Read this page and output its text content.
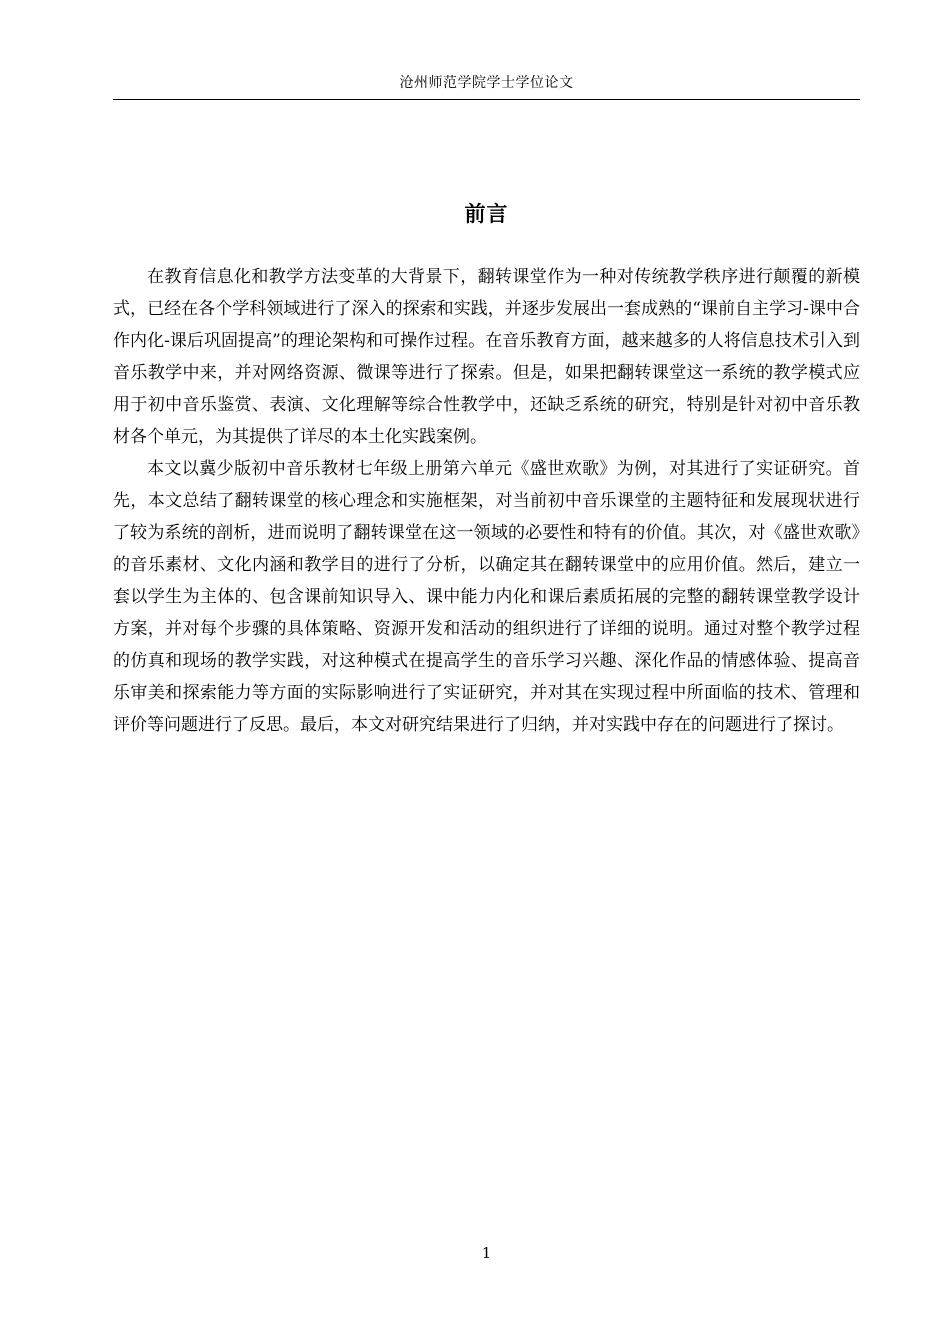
沧州师范学院学士学位论文
前言

在教育信息化和教学方法变革的大背景下，翻转课堂作为一种对传统教学秩序进行颠覆的新模式，已经在各个学科领域进行了深入的探索和实践，并逐步发展出一套成熟的“课前自主学习-课中合作内化-课后巩固提高”的理论架构和可操作过程。在音乐教育方面，越来越多的人将信息技术引入到音乐教学中来，并对网络资源、微课等进行了探索。但是，如果把翻转课堂这一系统的教学模式应用于初中音乐鉴赏、表演、文化理解等综合性教学中，还缺乏系统的研究，特别是针对初中音乐教材各个单元，为其提供了详尽的本土化实践案例。

本文以冀少版初中音乐教材七年级上册第六单元《盛世欢歌》为例，对其进行了实证研究。首先，本文总结了翻转课堂的核心理念和实施框架，对当前初中音乐课堂的主题特征和发展现状进行了较为系统的剖析，进而说明了翻转课堂在这一领域的必要性和特有的价值。其次，对《盛世欢歌》的音乐素材、文化内涵和教学目的进行了分析，以确定其在翻转课堂中的应用价值。然后，建立一套以学生为主体的、包含课前知识导入、课中能力内化和课后素质拓展的完整的翻转课堂教学设计方案，并对每个步骤的具体策略、资源开发和活动的组织进行了详细的说明。通过对整个教学过程的仿真和现场的教学实践，对这种模式在提高学生的音乐学习兴趣、深化作品的情感体验、提高音乐审美和探索能力等方面的实际影响进行了实证研究，并对其在实现过程中所面临的技术、管理和评价等问题进行了反思。最后，本文对研究结果进行了归纳，并对实践中存在的问题进行了探讨。

1
